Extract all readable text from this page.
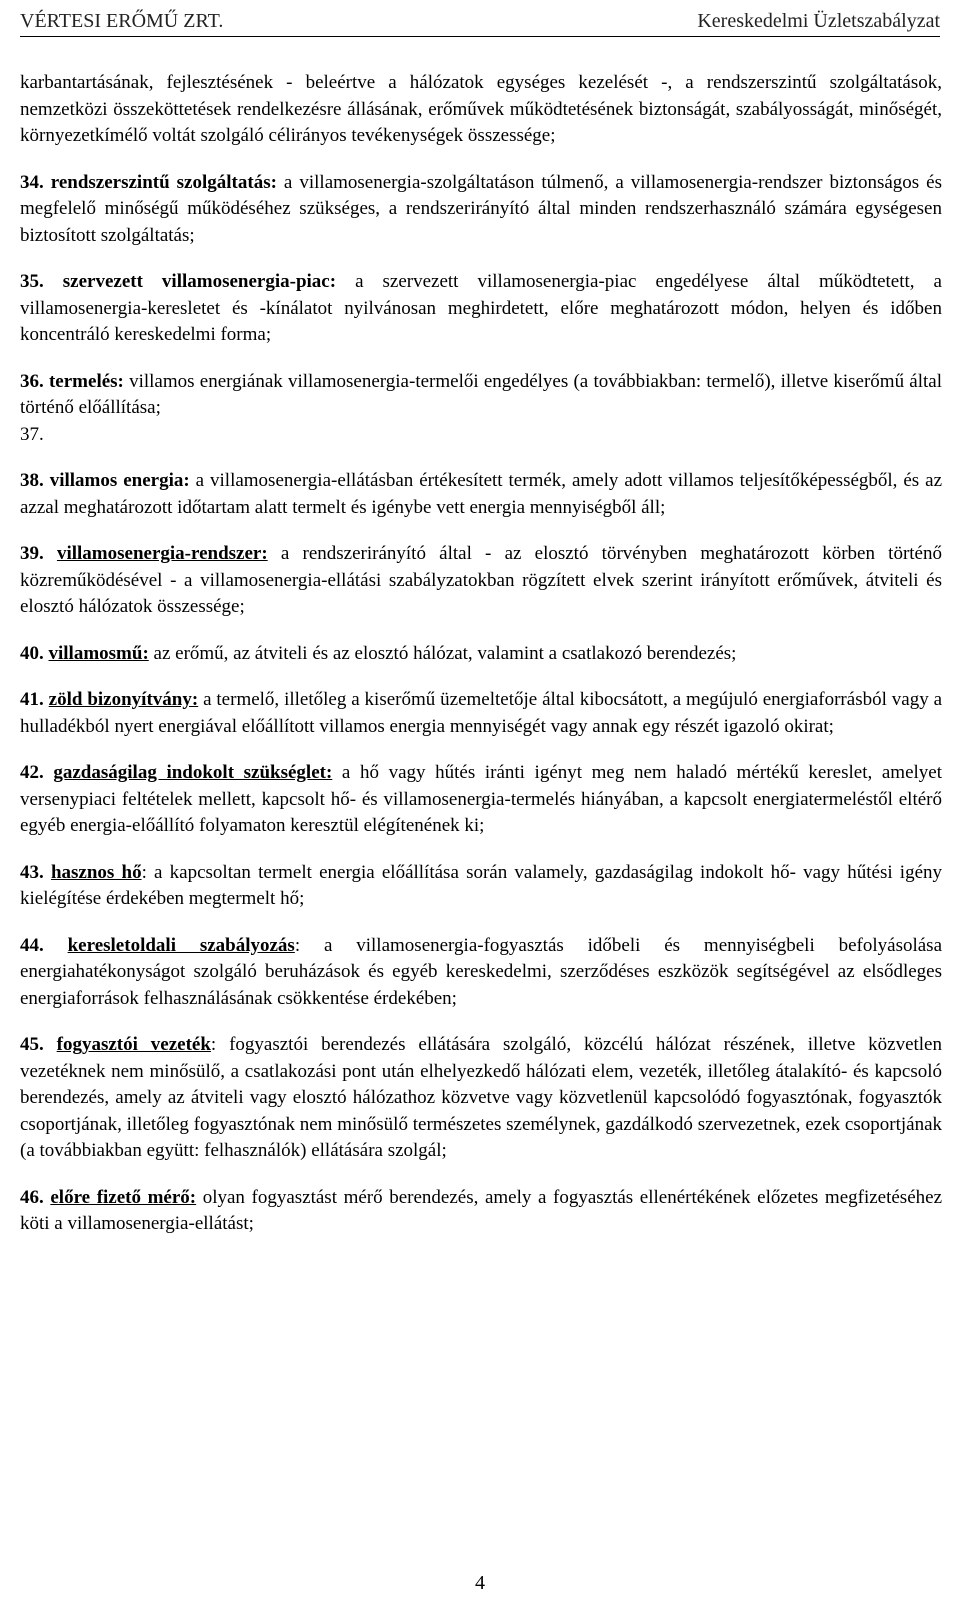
VÉRTESI ERŐMŰ ZRT.	Kereskedelmi Üzletszabályzat

karbantartásának, fejlesztésének - beleértve a hálózatok egységes kezelését -, a rendszerszintű szolgáltatások, nemzetközi összeköttetések rendelkezésre állásának, erőművek működtetésének biztonságát, szabályosságát, minőségét, környezetkímélő voltát szolgáló célirányos tevékenységek összessége;

34. rendszerszintű szolgáltatás: a villamosenergia-szolgáltatáson túlmenő, a villamosenergia-rendszer biztonságos és megfelelő minőségű működéséhez szükséges, a rendszerirányító által minden rendszerhasználó számára egységesen biztosított szolgáltatás;

35. szervezett villamosenergia-piac: a szervezett villamosenergia-piac engedélyese által működtetett, a villamosenergia-keresletet és -kínálatot nyilvánosan meghirdetett, előre meghatározott módon, helyen és időben koncentráló kereskedelmi forma;

36. termelés: villamos energiának villamosenergia-termelői engedélyes (a továbbiakban: termelő), illetve kiserőmű által történő előállítása;

37.

38. villamos energia: a villamosenergia-ellátásban értékesített termék, amely adott villamos teljesítőképességből, és az azzal meghatározott időtartam alatt termelt és igénybe vett energia mennyiségből áll;

39. villamosenergia-rendszer: a rendszerirányító által - az elosztó törvényben meghatározott körben történő közreműködésével - a villamosenergia-ellátási szabályzatokban rögzített elvek szerint irányított erőművek, átviteli és elosztó hálózatok összessége;

40. villamosmű: az erőmű, az átviteli és az elosztó hálózat, valamint a csatlakozó berendezés;

41. zöld bizonyítvány: a termelő, illetőleg a kiserőmű üzemeltetője által kibocsátott, a megújuló energiaforrásból vagy a hulladékból nyert energiával előállított villamos energia mennyiségét vagy annak egy részét igazoló okirat;

42. gazdaságilag indokolt szükséglet: a hő vagy hűtés iránti igényt meg nem haladó mértékű kereslet, amelyet versenypiaci feltételek mellett, kapcsolt hő- és villamosenergia-termelés hiányában, a kapcsolt energiatermeléstől eltérő egyéb energia-előállító folyamaton keresztül elégítenének ki;

43. hasznos hő: a kapcsoltan termelt energia előállítása során valamely, gazdaságilag indokolt hő- vagy hűtési igény kielégítése érdekében megtermelt hő;

44. keresletoldali szabályozás: a villamosenergia-fogyasztás időbeli és mennyiségbeli befolyásolása energiahatékonyságot szolgáló beruházások és egyéb kereskedelmi, szerződéses eszközök segítségével az elsődleges energiaforrások felhasználásának csökkentése érdekében;

45. fogyasztói vezeték: fogyasztói berendezés ellátására szolgáló, közcélú hálózat részének, illetve közvetlen vezetéknek nem minősülő, a csatlakozási pont után elhelyezkedő hálózati elem, vezeték, illetőleg átalakító- és kapcsoló berendezés, amely az átviteli vagy elosztó hálózathoz közvetve vagy közvetlenül kapcsolódó fogyasztónak, fogyasztók csoportjának, illetőleg fogyasztónak nem minősülő természetes személynek, gazdálkodó szervezetnek, ezek csoportjának (a továbbiakban együtt: felhasználók) ellátására szolgál;

46. előre fizető mérő: olyan fogyasztást mérő berendezés, amely a fogyasztás ellenértékének előzetes megfizetéséhez köti a villamosenergia-ellátást;

4
